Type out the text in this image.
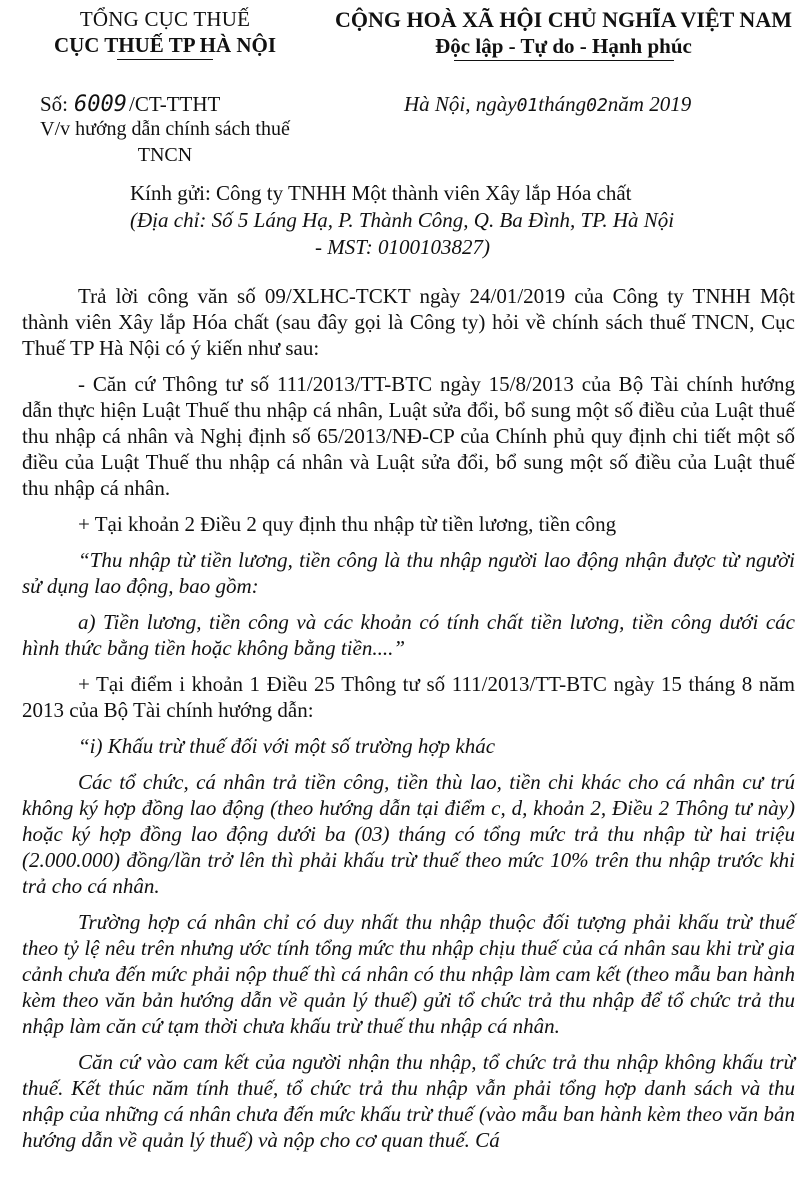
TỔNG CỤC THUẾ
CỤC THUẾ TP HÀ NỘI
CỘNG HOÀ XÃ HỘI CHỦ NGHĨA VIỆT NAM
Độc lập - Tự do - Hạnh phúc
Số: 6009/CT-TTHT
V/v hướng dẫn chính sách thuế
TNCN
Hà Nội, ngày01tháng02năm 2019
Kính gửi: Công ty TNHH Một thành viên Xây lắp Hóa chất
(Địa chỉ: Số 5 Láng Hạ, P. Thành Công, Q. Ba Đình, TP. Hà Nội
- MST: 0100103827)

Trả lời công văn số 09/XLHC-TCKT ngày 24/01/2019 của Công ty TNHH Một thành viên Xây lắp Hóa chất (sau đây gọi là Công ty) hỏi về chính sách thuế TNCN, Cục Thuế TP Hà Nội có ý kiến như sau:

- Căn cứ Thông tư số 111/2013/TT-BTC ngày 15/8/2013 của Bộ Tài chính hướng dẫn thực hiện Luật Thuế thu nhập cá nhân, Luật sửa đổi, bổ sung một số điều của Luật thuế thu nhập cá nhân và Nghị định số 65/2013/NĐ-CP của Chính phủ quy định chi tiết một số điều của Luật Thuế thu nhập cá nhân và Luật sửa đổi, bổ sung một số điều của Luật thuế thu nhập cá nhân.

+ Tại khoản 2 Điều 2 quy định thu nhập từ tiền lương, tiền công

“Thu nhập từ tiền lương, tiền công là thu nhập người lao động nhận được từ người sử dụng lao động, bao gồm:

a) Tiền lương, tiền công và các khoản có tính chất tiền lương, tiền công dưới các hình thức bằng tiền hoặc không bằng tiền....”

+ Tại điểm i khoản 1 Điều 25 Thông tư số 111/2013/TT-BTC ngày 15 tháng 8 năm 2013 của Bộ Tài chính hướng dẫn:

“i) Khấu trừ thuế đối với một số trường hợp khác

Các tổ chức, cá nhân trả tiền công, tiền thù lao, tiền chi khác cho cá nhân cư trú không ký hợp đồng lao động (theo hướng dẫn tại điểm c, d, khoản 2, Điều 2 Thông tư này) hoặc ký hợp đồng lao động dưới ba (03) tháng có tổng mức trả thu nhập từ hai triệu (2.000.000) đồng/lần trở lên thì phải khấu trừ thuế theo mức 10% trên thu nhập trước khi trả cho cá nhân.

Trường hợp cá nhân chỉ có duy nhất thu nhập thuộc đối tượng phải khấu trừ thuế theo tỷ lệ nêu trên nhưng ước tính tổng mức thu nhập chịu thuế của cá nhân sau khi trừ gia cảnh chưa đến mức phải nộp thuế thì cá nhân có thu nhập làm cam kết (theo mẫu ban hành kèm theo văn bản hướng dẫn về quản lý thuế) gửi tổ chức trả thu nhập để tổ chức trả thu nhập làm căn cứ tạm thời chưa khấu trừ thuế thu nhập cá nhân.

Căn cứ vào cam kết của người nhận thu nhập, tổ chức trả thu nhập không khấu trừ thuế. Kết thúc năm tính thuế, tổ chức trả thu nhập vẫn phải tổng hợp danh sách và thu nhập của những cá nhân chưa đến mức khấu trừ thuế (vào mẫu ban hành kèm theo văn bản hướng dẫn về quản lý thuế) và nộp cho cơ quan thuế. Cá
